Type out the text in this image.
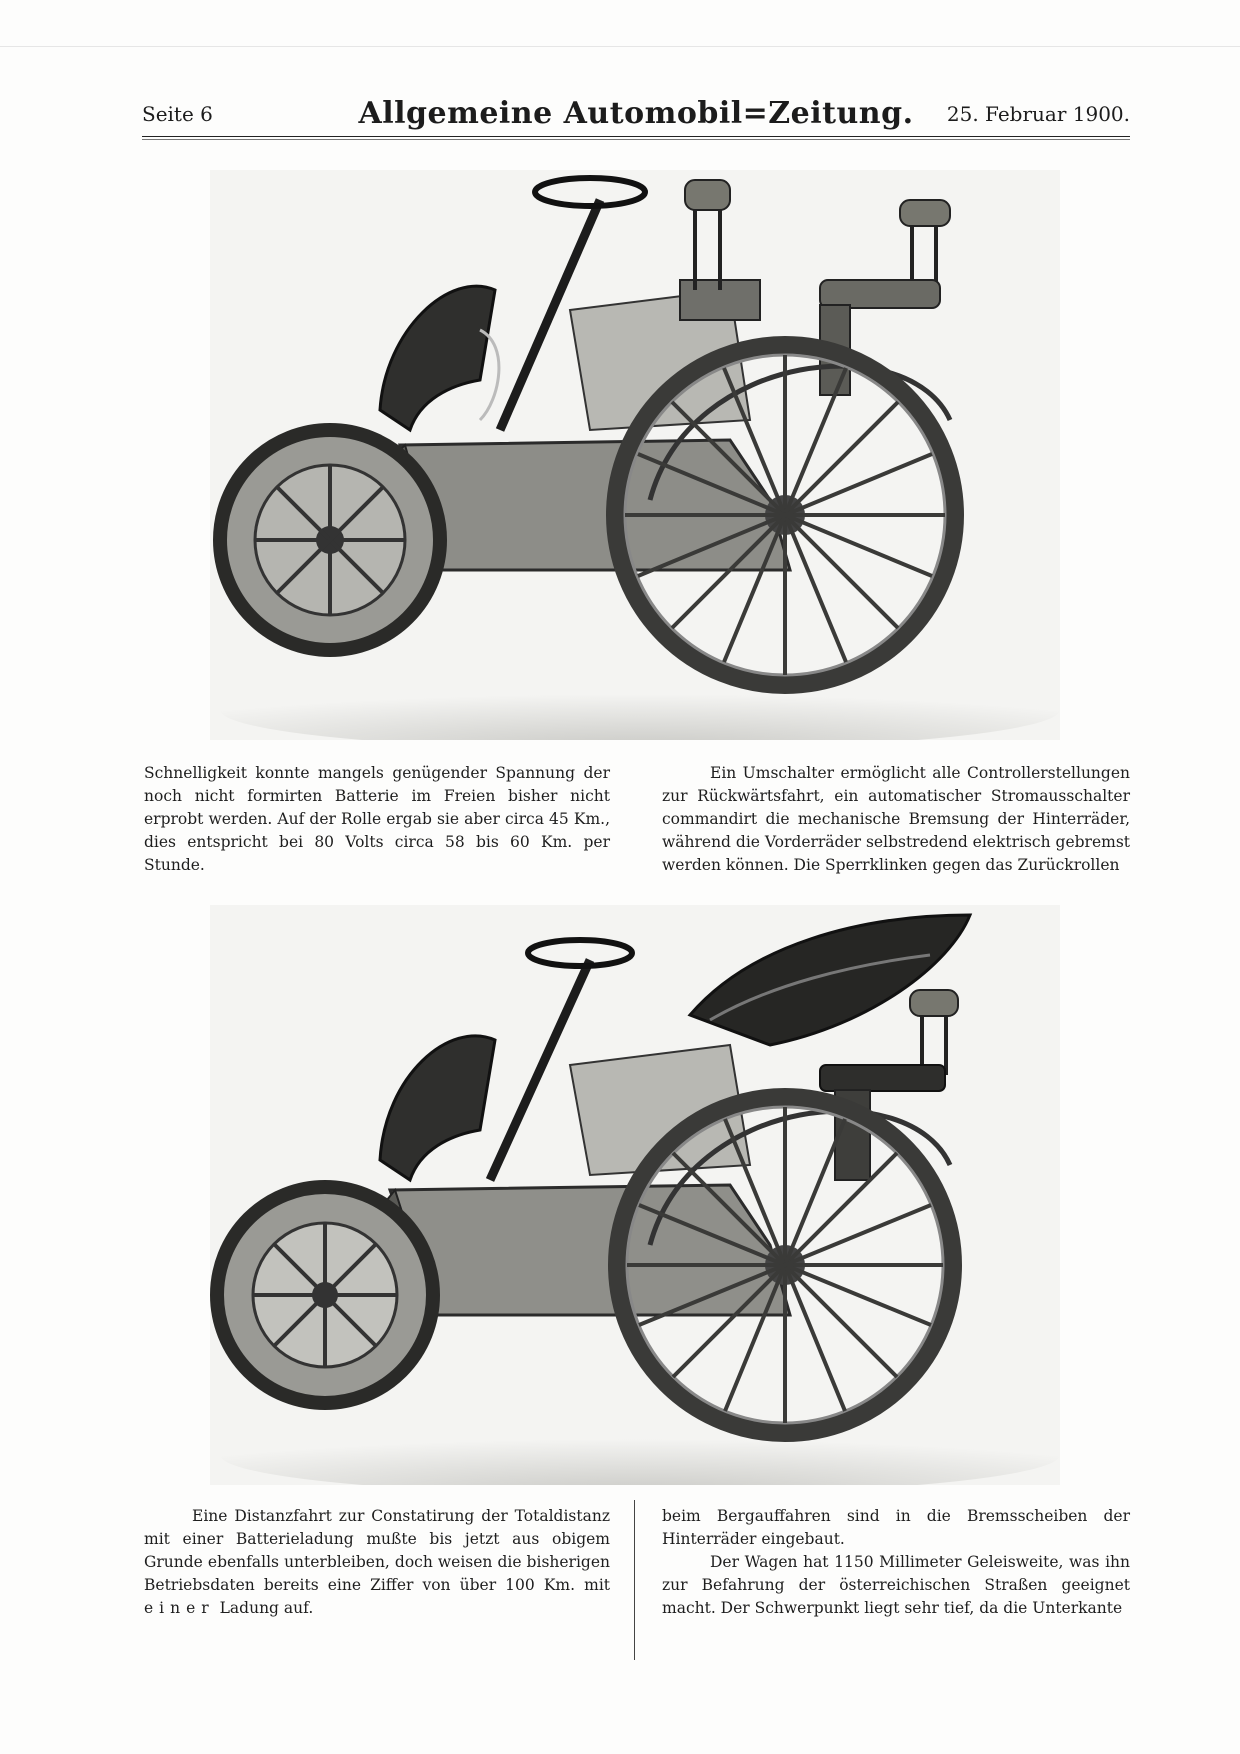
Seite 6	Allgemeine Automobil=Zeitung.	25. Februar 1900.

Schnelligkeit konnte mangels genügender Spannung der noch nicht formirten Batterie im Freien bisher nicht erprobt werden. Auf der Rolle ergab sie aber circa 45 Km., dies entspricht bei 80 Volts circa 58 bis 60 Km. per Stunde.

Ein Umschalter ermöglicht alle Controllerstellungen zur Rückwärtsfahrt, ein automatischer Stromausschalter commandirt die mechanische Bremsung der Hinterräder, während die Vorderräder selbstredend elektrisch gebremst werden können. Die Sperrklinken gegen das Zurückrollen

Eine Distanzfahrt zur Constatirung der Totaldistanz mit einer Batterieladung mußte bis jetzt aus obigem Grunde ebenfalls unterbleiben, doch weisen die bisherigen Betriebsdaten bereits eine Ziffer von über 100 Km. mit einer Ladung auf.

beim Bergauffahren sind in die Bremsscheiben der Hinterräder eingebaut.

Der Wagen hat 1150 Millimeter Geleisweite, was ihn zur Befahrung der österreichischen Straßen geeignet macht. Der Schwerpunkt liegt sehr tief, da die Unterkante
